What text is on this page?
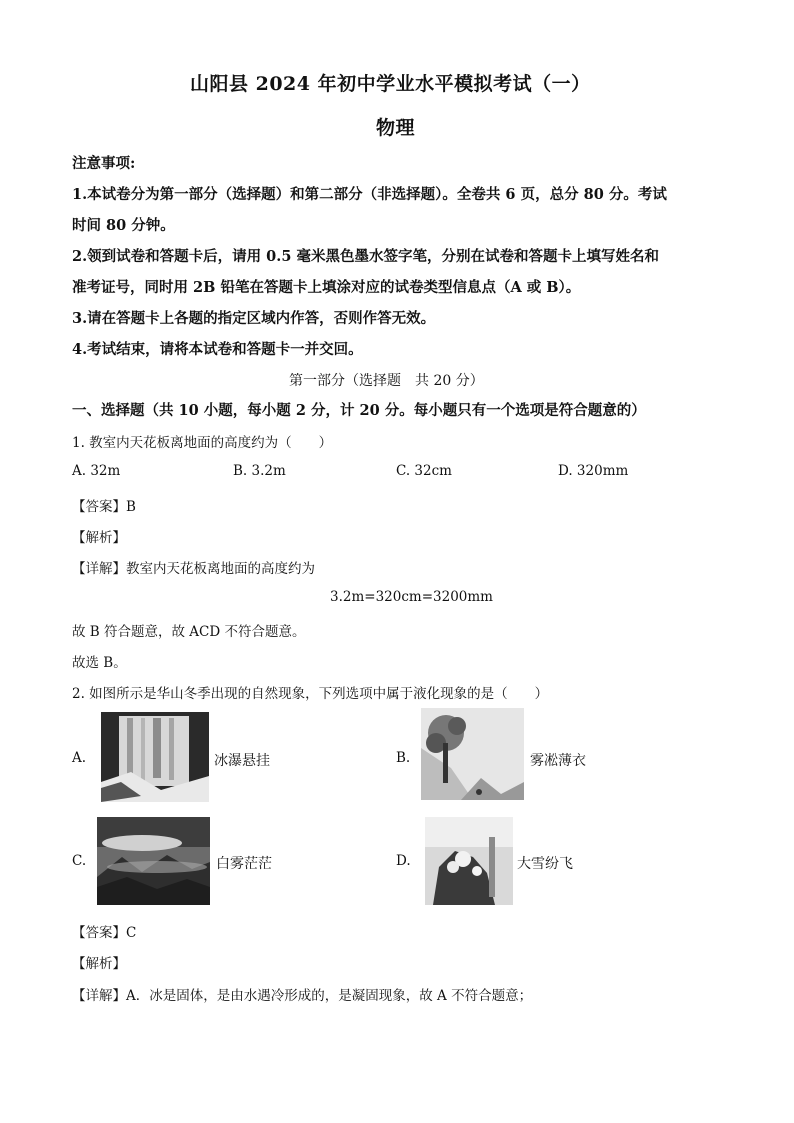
山阳县 2024 年初中学业水平模拟考试（一）
物理
注意事项:
1.本试卷分为第一部分（选择题）和第二部分（非选择题）。全卷共 6 页，总分 80 分。考试
时间 80 分钟。
2.领到试卷和答题卡后，请用 0.5 毫米黑色墨水签字笔，分别在试卷和答题卡上填写姓名和
准考证号，同时用 2B 铅笔在答题卡上填涂对应的试卷类型信息点（A 或 B）。
3.请在答题卡上各题的指定区域内作答，否则作答无效。
4.考试结束，请将本试卷和答题卡一并交回。
第一部分（选择题　共 20 分）
一、选择题（共 10 小题，每小题 2 分，计 20 分。每小题只有一个选项是符合题意的）
1. 教室内天花板离地面的高度约为（　　）
A. 32m	B. 3.2m	C. 32cm	D. 320mm
【答案】B
【解析】
【详解】教室内天花板离地面的高度约为
3.2m=320cm=3200mm
故 B 符合题意，故 ACD 不符合题意。
故选 B。
2. 如图所示是华山冬季出现的自然现象，下列选项中属于液化现象的是（　　）
A.	冰瀑悬挂	B.	雾凇薄衣
C.	白雾茫茫	D.	大雪纷飞
【答案】C
【解析】
【详解】A．冰是固体，是由水遇冷形成的，是凝固现象，故 A 不符合题意；
